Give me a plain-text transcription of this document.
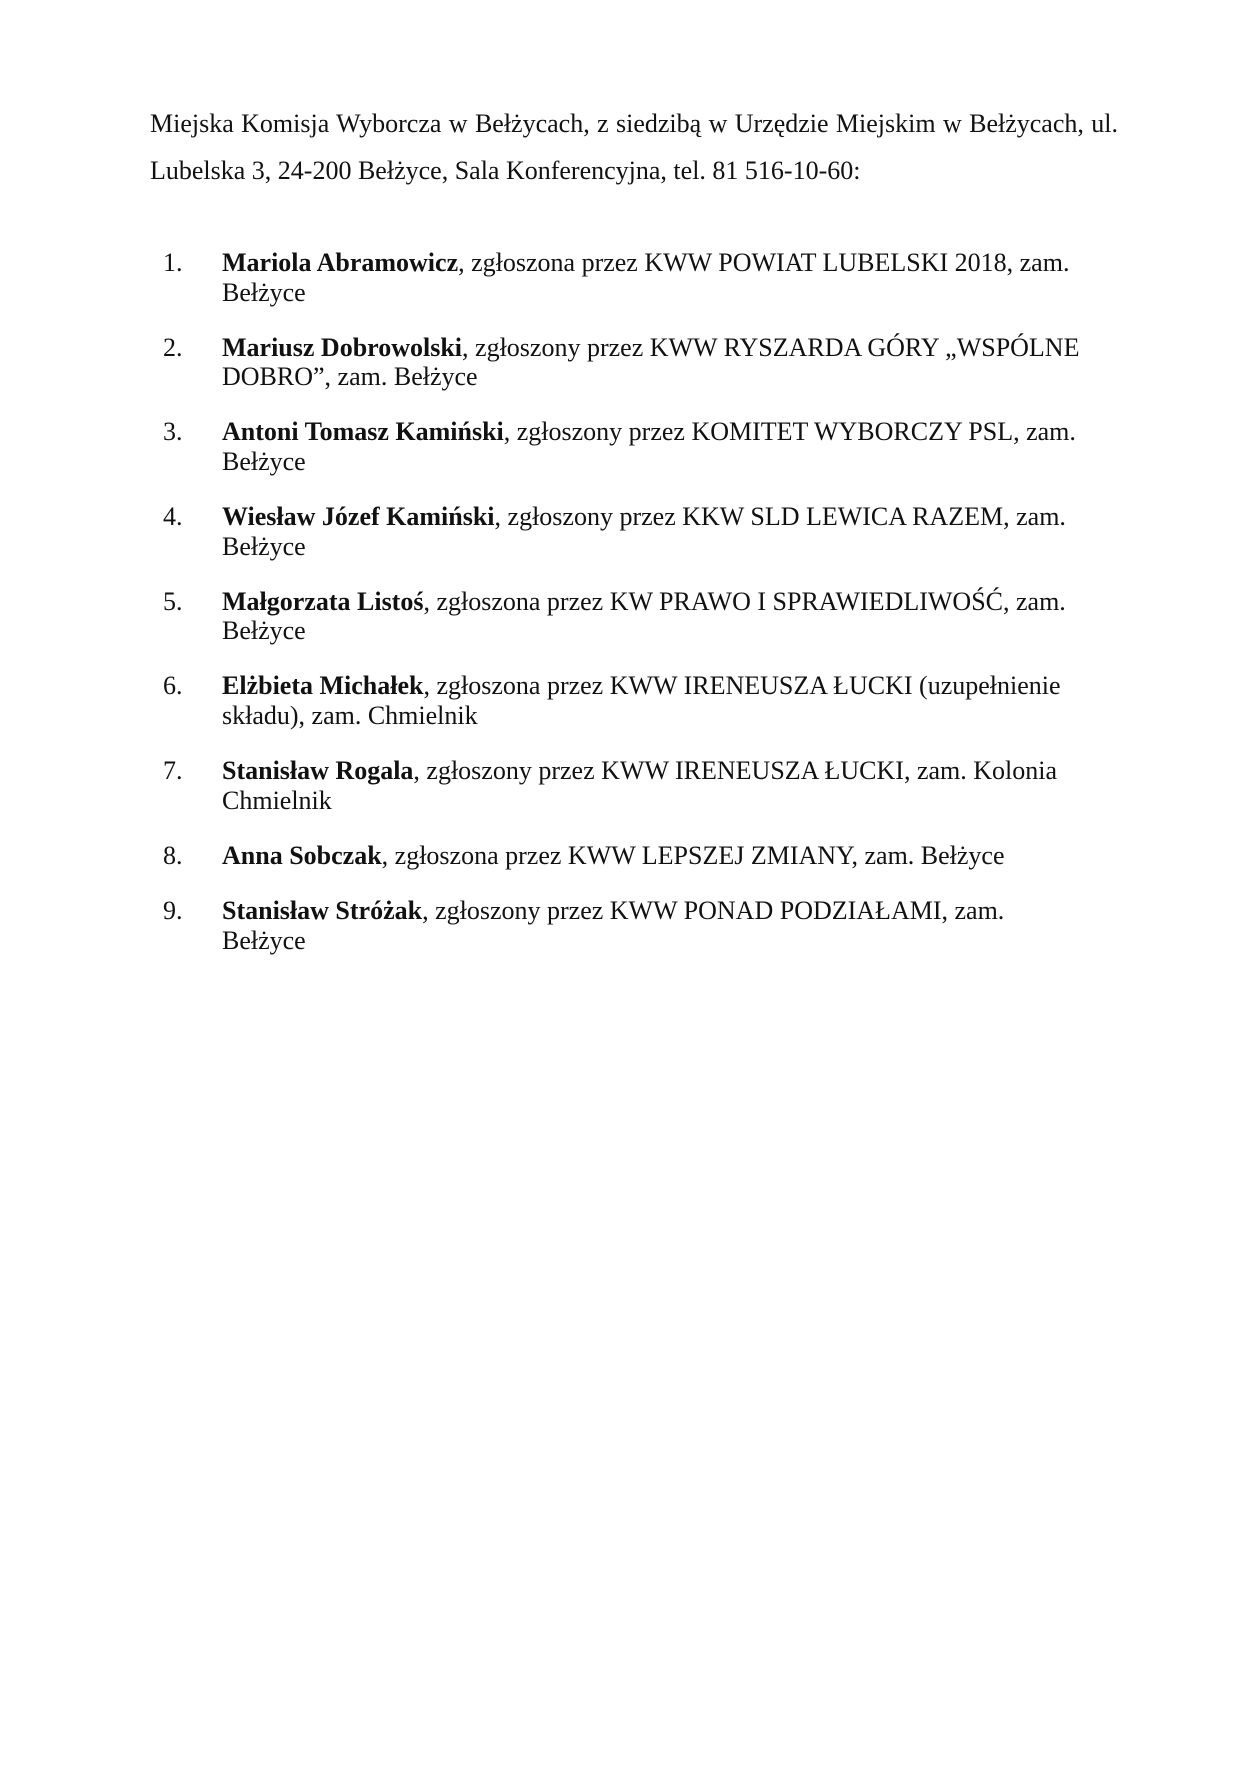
Miejska Komisja Wyborcza w Bełżycach, z siedzibą w Urzędzie Miejskim w Bełżycach, ul. Lubelska 3, 24-200 Bełżyce, Sala Konferencyjna, tel. 81 516-10-60:

1. Mariola Abramowicz, zgłoszona przez KWW POWIAT LUBELSKI 2018, zam. Bełżyce
2. Mariusz Dobrowolski, zgłoszony przez KWW RYSZARDA GÓRY „WSPÓLNE DOBRO”, zam. Bełżyce
3. Antoni Tomasz Kamiński, zgłoszony przez KOMITET WYBORCZY PSL, zam. Bełżyce
4. Wiesław Józef Kamiński, zgłoszony przez KKW SLD LEWICA RAZEM, zam. Bełżyce
5. Małgorzata Listoś, zgłoszona przez KW PRAWO I SPRAWIEDLIWOŚĆ, zam. Bełżyce
6. Elżbieta Michałek, zgłoszona przez KWW IRENEUSZA ŁUCKI (uzupełnienie składu), zam. Chmielnik
7. Stanisław Rogala, zgłoszony przez KWW IRENEUSZA ŁUCKI, zam. Kolonia Chmielnik
8. Anna Sobczak, zgłoszona przez KWW LEPSZEJ ZMIANY, zam. Bełżyce
9. Stanisław Stróżak, zgłoszony przez KWW PONAD PODZIAŁAMI, zam. Bełżyce
